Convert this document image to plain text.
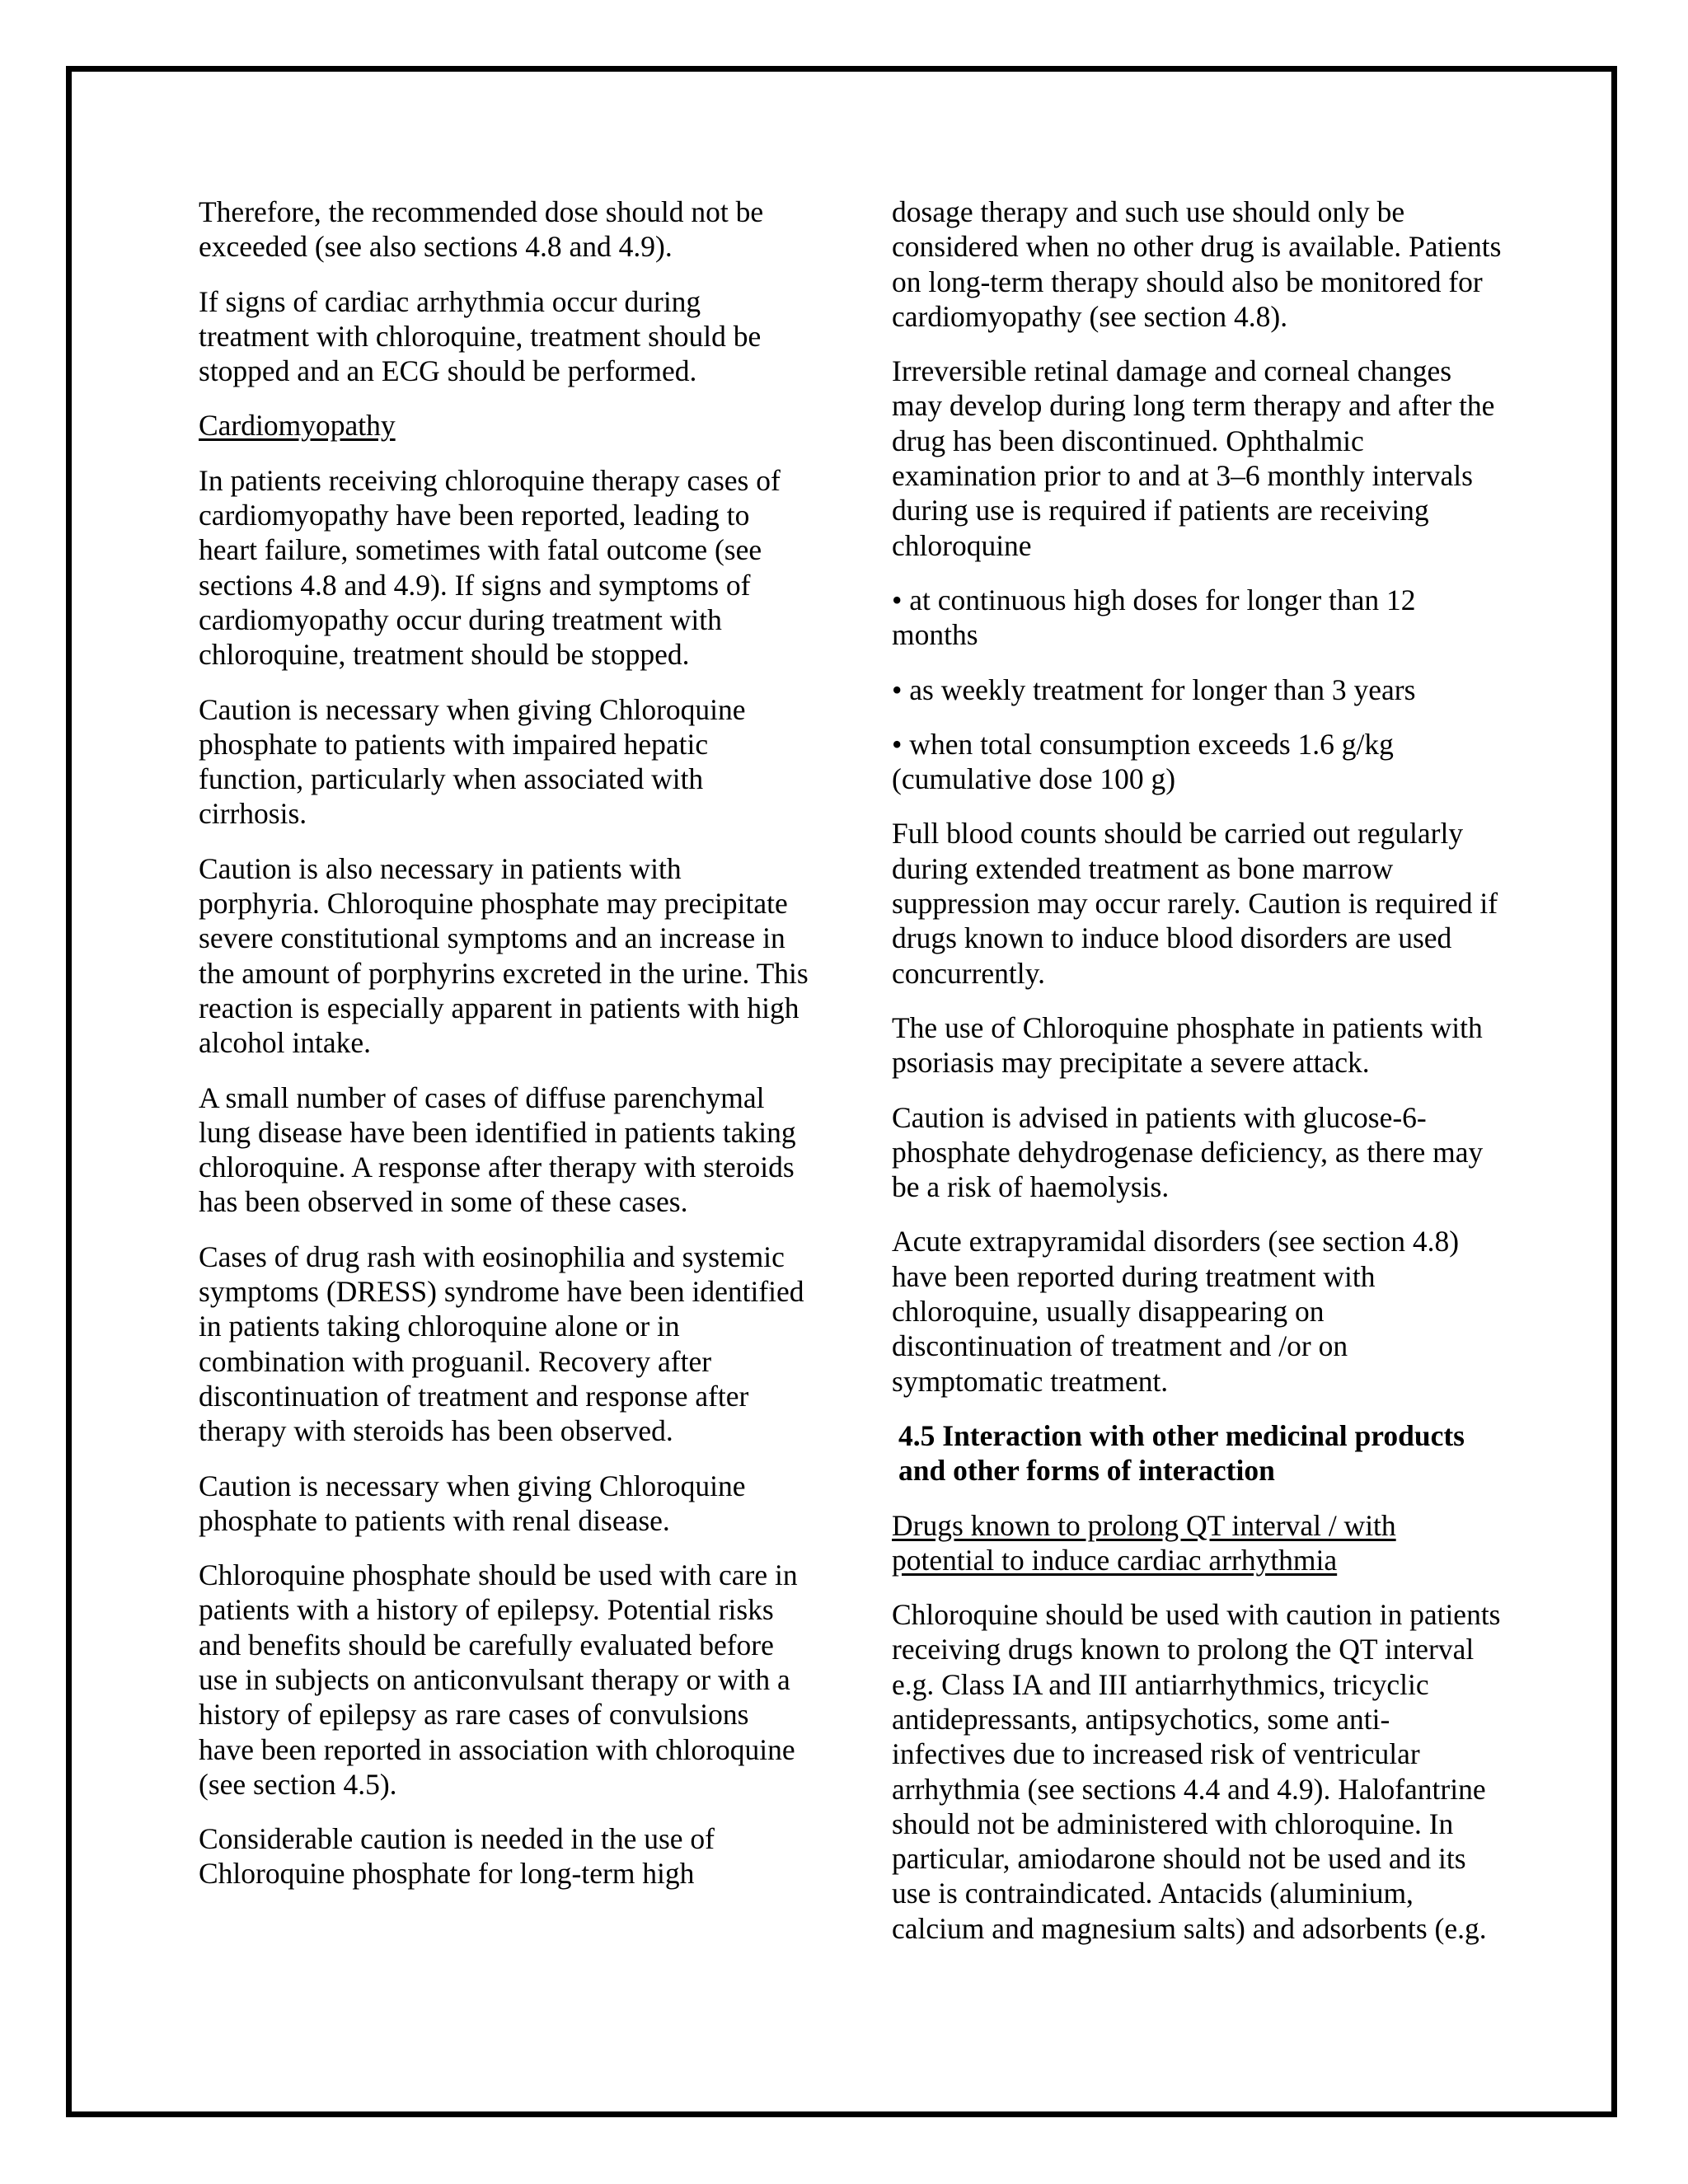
Therefore, the recommended dose should not be exceeded (see also sections 4.8 and 4.9).

If signs of cardiac arrhythmia occur during treatment with chloroquine, treatment should be stopped and an ECG should be performed.

Cardiomyopathy

In patients receiving chloroquine therapy cases of cardiomyopathy have been reported, leading to heart failure, sometimes with fatal outcome (see sections 4.8 and 4.9). If signs and symptoms of cardiomyopathy occur during treatment with chloroquine, treatment should be stopped.

Caution is necessary when giving Chloroquine phosphate to patients with impaired hepatic function, particularly when associated with cirrhosis.

Caution is also necessary in patients with porphyria. Chloroquine phosphate may precipitate severe constitutional symptoms and an increase in the amount of porphyrins excreted in the urine. This reaction is especially apparent in patients with high alcohol intake.

A small number of cases of diffuse parenchymal lung disease have been identified in patients taking chloroquine. A response after therapy with steroids has been observed in some of these cases.

Cases of drug rash with eosinophilia and systemic symptoms (DRESS) syndrome have been identified in patients taking chloroquine alone or in combination with proguanil. Recovery after discontinuation of treatment and response after therapy with steroids has been observed.

Caution is necessary when giving Chloroquine phosphate to patients with renal disease.

Chloroquine phosphate should be used with care in patients with a history of epilepsy. Potential risks and benefits should be carefully evaluated before use in subjects on anticonvulsant therapy or with a history of epilepsy as rare cases of convulsions have been reported in association with chloroquine (see section 4.5).

Considerable caution is needed in the use of Chloroquine phosphate for long-term high

dosage therapy and such use should only be considered when no other drug is available. Patients on long-term therapy should also be monitored for cardiomyopathy (see section 4.8).

Irreversible retinal damage and corneal changes may develop during long term therapy and after the drug has been discontinued. Ophthalmic examination prior to and at 3–6 monthly intervals during use is required if patients are receiving chloroquine

• at continuous high doses for longer than 12 months

• as weekly treatment for longer than 3 years

• when total consumption exceeds 1.6 g/kg (cumulative dose 100 g)

Full blood counts should be carried out regularly during extended treatment as bone marrow suppression may occur rarely. Caution is required if drugs known to induce blood disorders are used concurrently.

The use of Chloroquine phosphate in patients with psoriasis may precipitate a severe attack.

Caution is advised in patients with glucose-6-phosphate dehydrogenase deficiency, as there may be a risk of haemolysis.

Acute extrapyramidal disorders (see section 4.8) have been reported during treatment with chloroquine, usually disappearing on discontinuation of treatment and /or on symptomatic treatment.

4.5 Interaction with other medicinal products and other forms of interaction

Drugs known to prolong QT interval / with potential to induce cardiac arrhythmia

Chloroquine should be used with caution in patients receiving drugs known to prolong the QT interval e.g. Class IA and III antiarrhythmics, tricyclic antidepressants, antipsychotics, some anti-infectives due to increased risk of ventricular arrhythmia (see sections 4.4 and 4.9). Halofantrine should not be administered with chloroquine. In particular, amiodarone should not be used and its use is contraindicated. Antacids (aluminium, calcium and magnesium salts) and adsorbents (e.g.
